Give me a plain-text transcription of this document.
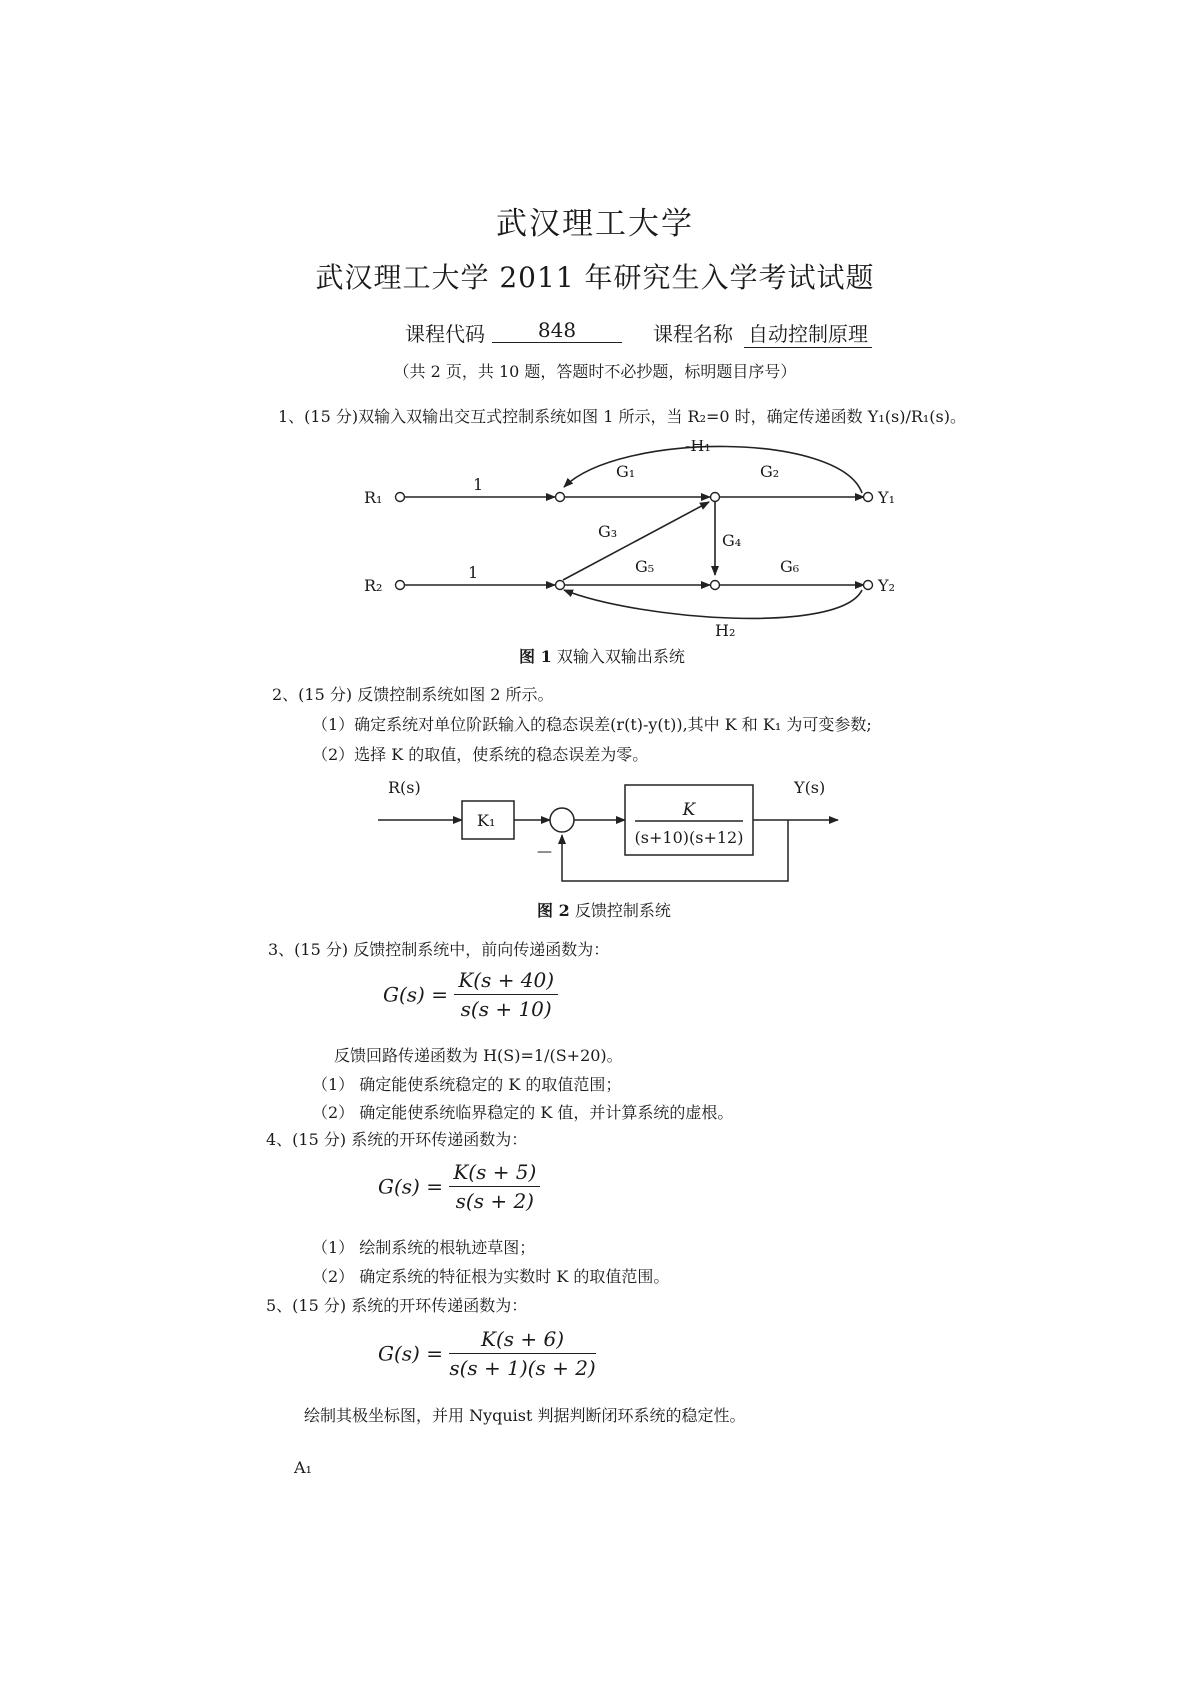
武汉理工大学
武汉理工大学 2011 年研究生入学考试试题
课程代码	848	课程名称 自动控制原理
（共 2 页，共 10 题，答题时不必抄题，标明题目序号）
1、(15 分)双输入双输出交互式控制系统如图 1 所示，当 R₂=0 时，确定传递函数 Y₁(s)/R₁(s)。
R₁
R₂
Y₁
Y₂
1
1
G₁	G₂
-H₁
G₃	G₄
G₅	G₆
H₂
图 1 双输入双输出系统
2、(15 分) 反馈控制系统如图 2 所示。
（1）确定系统对单位阶跃输入的稳态误差(r(t)-y(t)),其中 K 和 K₁ 为可变参数;
（2）选择 K 的取值，使系统的稳态误差为零。
R(s)	Y(s)
K₁
K
(s+10)(s+12)
—
图 2 反馈控制系统
3、(15 分) 反馈控制系统中，前向传递函数为：
$G(s) = \frac{K(s + 40)}{s(s + 10)}$
反馈回路传递函数为 H(S)=1/(S+20)。
（1） 确定能使系统稳定的 K 的取值范围；
（2） 确定能使系统临界稳定的 K 值，并计算系统的虚根。
4、(15 分) 系统的开环传递函数为：
$G(s) = \frac{K(s + 5)}{s(s + 2)}$
（1） 绘制系统的根轨迹草图；
（2） 确定系统的特征根为实数时 K 的取值范围。
5、(15 分) 系统的开环传递函数为：
$G(s) = \frac{K(s + 6)}{s(s + 1)(s + 2)}$
绘制其极坐标图，并用 Nyquist 判据判断闭环系统的稳定性。
A₁
